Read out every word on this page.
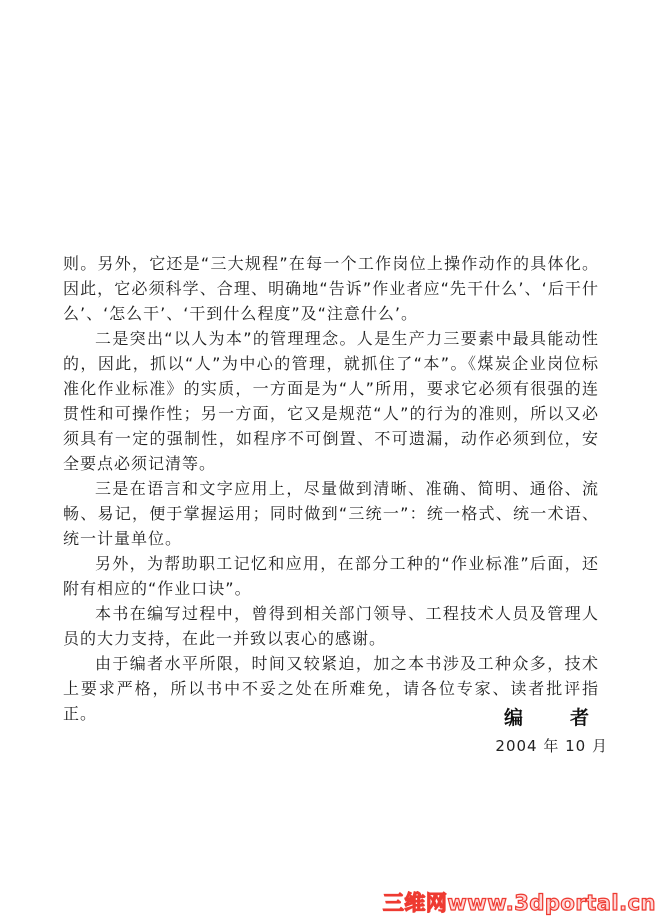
则。另外，它还是“三大规程”在每一个工作岗位上操作动作的具体化。因此，它必须科学、合理、明确地“告诉”作业者应“先干什么’、‘后干什么’、‘怎么干’、‘干到什么程度”及“注意什么’。

二是突出“以人为本”的管理理念。人是生产力三要素中最具能动性的，因此，抓以“人”为中心的管理，就抓住了“本”。《煤炭企业岗位标准化作业标准》的实质，一方面是为“人”所用，要求它必须有很强的连贯性和可操作性；另一方面，它又是规范“人”的行为的准则，所以又必须具有一定的强制性，如程序不可倒置、不可遗漏，动作必须到位，安全要点必须记清等。

三是在语言和文字应用上，尽量做到清晰、准确、简明、通俗、流畅、易记，便于掌握运用；同时做到“三统一”：统一格式、统一术语、统一计量单位。

另外，为帮助职工记忆和应用，在部分工种的“作业标准”后面，还附有相应的“作业口诀”。

本书在编写过程中，曾得到相关部门领导、工程技术人员及管理人员的大力支持，在此一并致以衷心的感谢。

由于编者水平所限，时间又较紧迫，加之本书涉及工种众多，技术上要求严格，所以书中不妥之处在所难免，请各位专家、读者批评指正。	编　　者
2004 年 10 月
三维网www.3dportal.cn
